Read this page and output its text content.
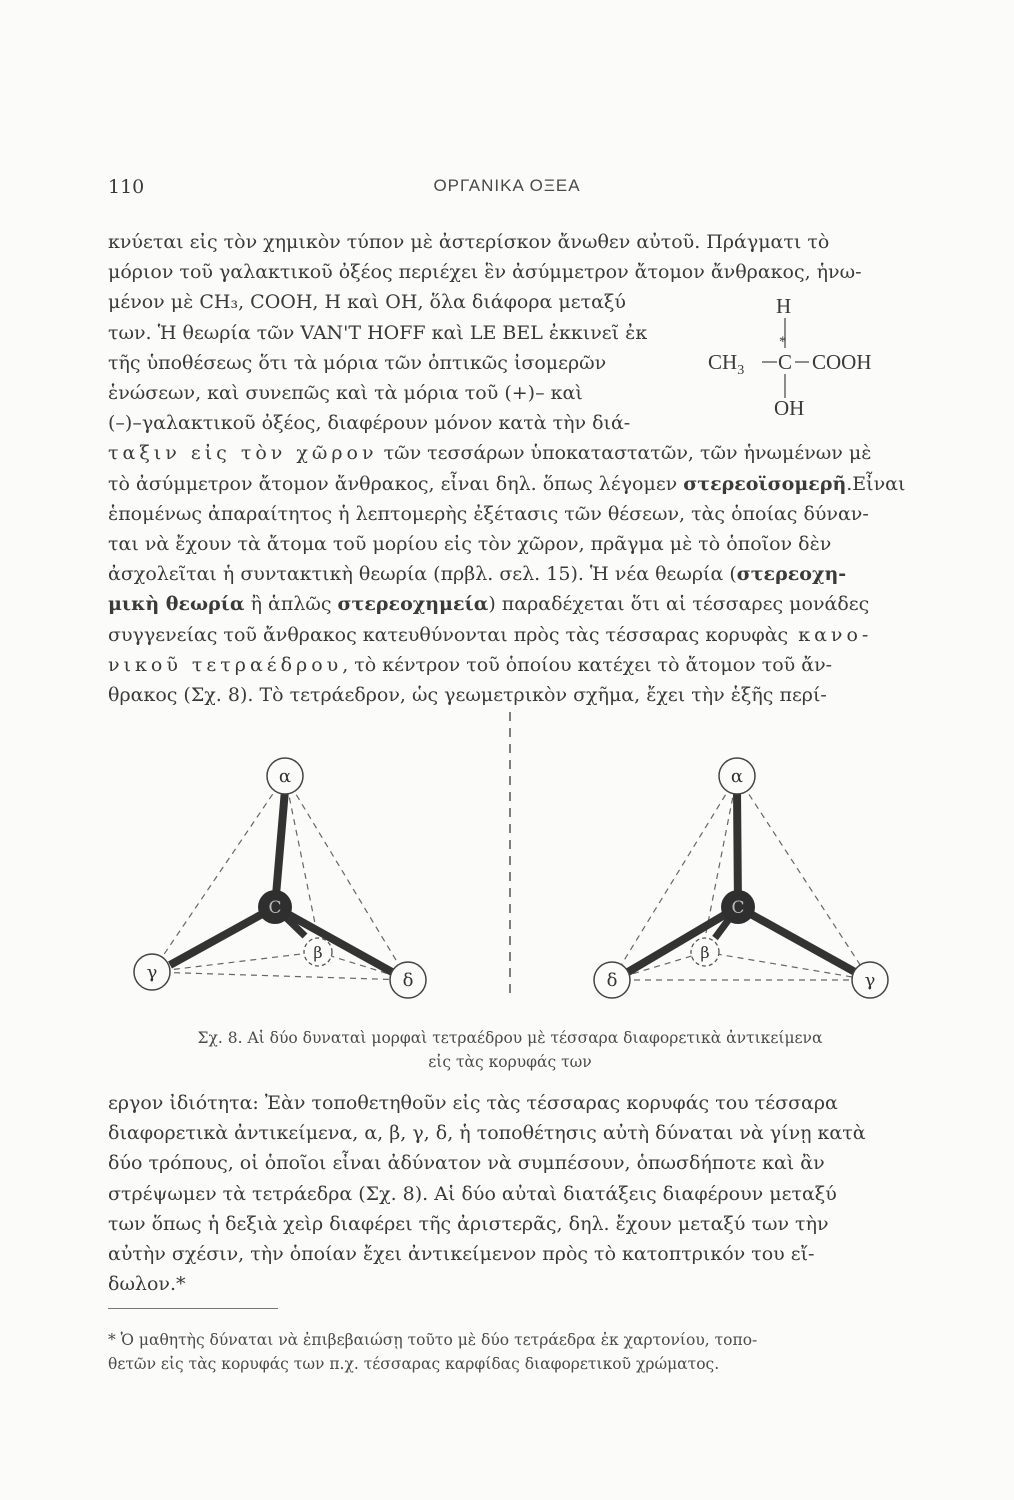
110	ΟΡΓΑΝΙΚΑ ΟΞΕΑ
κνύεται εἰς τὸν χημικὸν τύπον μὲ ἀστερίσκον ἄνωθεν αὐτοῦ. Πράγματι τὸ
μόριον τοῦ γαλακτικοῦ ὀξέος περιέχει ἓν ἀσύμμετρον ἄτομον ἄνθρακος, ἡνω-
μένον μὲ CH₃, COOH, H καὶ OH, ὅλα διάφορα μεταξύ
των. Ἡ θεωρία τῶν VAN'T HOFF καὶ LE BEL ἐκκινεῖ ἐκ
τῆς ὑποθέσεως ὅτι τὰ μόρια τῶν ὀπτικῶς ἰσομερῶν
ἑνώσεων, καὶ συνεπῶς καὶ τὰ μόρια τοῦ (+)– καὶ
(–)–γαλακτικοῦ ὀξέος, διαφέρουν μόνον κατὰ τὴν διά-
ταξιν εἰς τὸν χῶρον τῶν τεσσάρων ὑποκαταστατῶν, τῶν ἡνωμένων μὲ
τὸ ἀσύμμετρον ἄτομον ἄνθρακος, εἶναι δηλ. ὅπως λέγομεν στερεοϊσομερῆ.Εἶναι
ἑπομένως ἀπαραίτητος ἡ λεπτομερὴς ἐξέτασις τῶν θέσεων, τὰς ὁποίας δύναν-
ται νὰ ἔχουν τὰ ἄτομα τοῦ μορίου εἰς τὸν χῶρον, πρᾶγμα μὲ τὸ ὁποῖον δὲν
ἀσχολεῖται ἡ συντακτικὴ θεωρία (πρβλ. σελ. 15). Ἡ νέα θεωρία (στερεοχη-
μικὴ θεωρία ἢ ἁπλῶς στερεοχημεία) παραδέχεται ὅτι αἱ τέσσαρες μονάδες
συγγενείας τοῦ ἄνθρακος κατευθύνονται πρὸς τὰς τέσσαρας κορυφὰς κανο-
νικοῦ τετραέδρου, τὸ κέντρον τοῦ ὁποίου κατέχει τὸ ἄτομον τοῦ ἄν-
θρακος (Σχ. 8). Τὸ τετράεδρον, ὡς γεωμετρικὸν σχῆμα, ἔχει τὴν ἑξῆς περί-
H
*
$CH_3$ C COOH
OH
C
α
γ	δ
β
C
α
δ	γ
β
Σχ. 8. Αἱ δύο δυναταὶ μορφαὶ τετραέδρου μὲ τέσσαρα διαφορετικὰ ἀντικείμενα
εἰς τὰς κορυφάς των
εργον ἰδιότητα: Ἐὰν τοποθετηθοῦν εἰς τὰς τέσσαρας κορυφάς του τέσσαρα
διαφορετικὰ ἀντικείμενα, α, β, γ, δ, ἡ τοποθέτησις αὐτὴ δύναται νὰ γίνῃ κατὰ
δύο τρόπους, οἱ ὁποῖοι εἶναι ἀδύνατον νὰ συμπέσουν, ὁπωσδήποτε καὶ ἂν
στρέψωμεν τὰ τετράεδρα (Σχ. 8). Αἱ δύο αὐταὶ διατάξεις διαφέρουν μεταξύ
των ὅπως ἡ δεξιὰ χεὶρ διαφέρει τῆς ἀριστερᾶς, δηλ. ἔχουν μεταξύ των τὴν
αὐτὴν σχέσιν, τὴν ὁποίαν ἔχει ἀντικείμενον πρὸς τὸ κατοπτρικόν του εἴ-
δωλον.*
* Ὁ μαθητὴς δύναται νὰ ἐπιβεβαιώσῃ τοῦτο μὲ δύο τετράεδρα ἐκ χαρτονίου, τοπο-
θετῶν εἰς τὰς κορυφάς των π.χ. τέσσαρας καρφίδας διαφορετικοῦ χρώματος.
